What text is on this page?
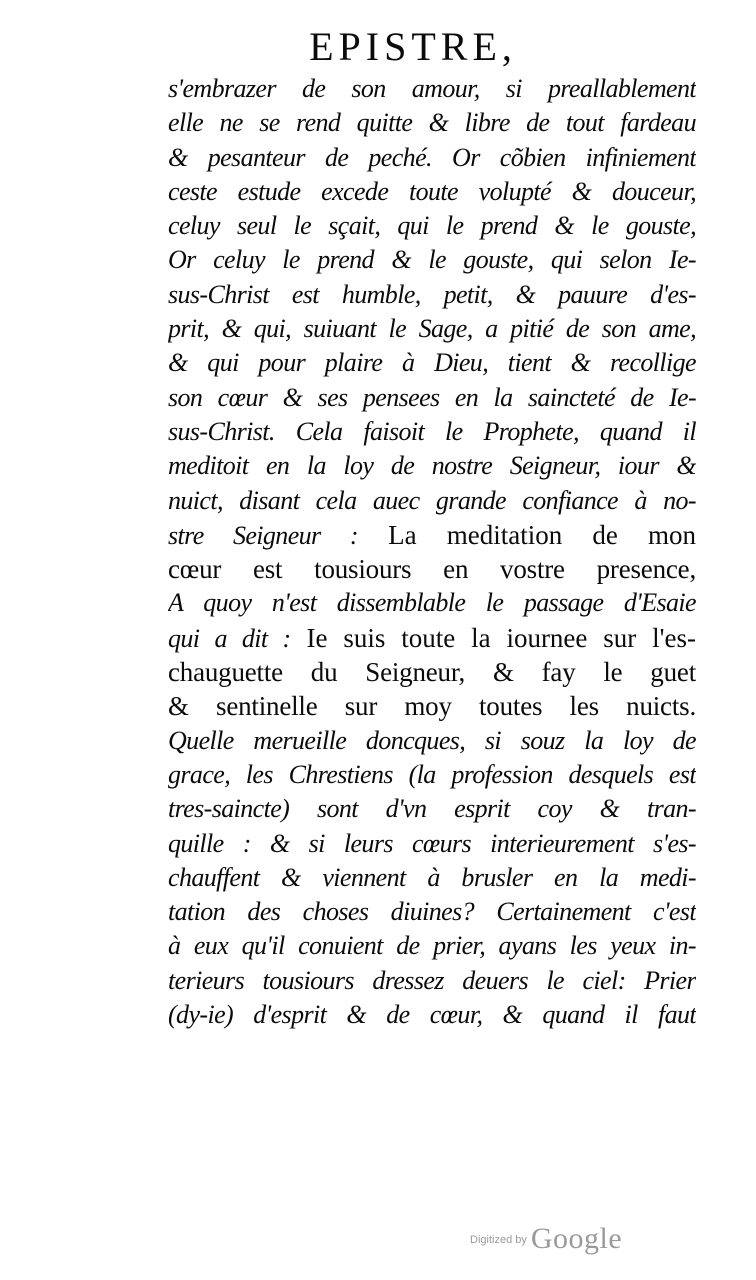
EPISTRE,
s'embrazer de son amour, si preallablement
elle ne se rend quitte & libre de tout fardeau
& pesanteur de peché. Or cõbien infiniement
ceste estude excede toute volupté & douceur,
celuy seul le sçait, qui le prend & le gouste,
Or celuy le prend & le gouste, qui selon Ie-
sus-Christ est humble, petit, & pauure d'es-
prit, & qui, suiuant le Sage, a pitié de son ame,
& qui pour plaire à Dieu, tient & recollige
son cœur & ses pensees en la saincteté de Ie-
sus-Christ. Cela faisoit le Prophete, quand il
meditoit en la loy de nostre Seigneur, iour &
nuict, disant cela auec grande confiance à no-
stre Seigneur : La meditation de mon
cœur est tousiours en vostre presence,
A quoy n'est dissemblable le passage d'Esaie
qui a dit : Ie suis toute la iournee sur l'es-
chauguette du Seigneur, & fay le guet
& sentinelle sur moy toutes les nuicts.
Quelle merueille doncques, si souz la loy de
grace, les Chrestiens (la profession desquels est
tres-saincte) sont d'vn esprit coy & tran-
quille : & si leurs cœurs interieurement s'es-
chauffent & viennent à brusler en la medi-
tation des choses diuines? Certainement c'est
à eux qu'il conuient de prier, ayans les yeux in-
terieurs tousiours dressez deuers le ciel: Prier
(dy-ie) d'esprit & de cœur, & quand il faut
$^{Digitized by}$ Google
